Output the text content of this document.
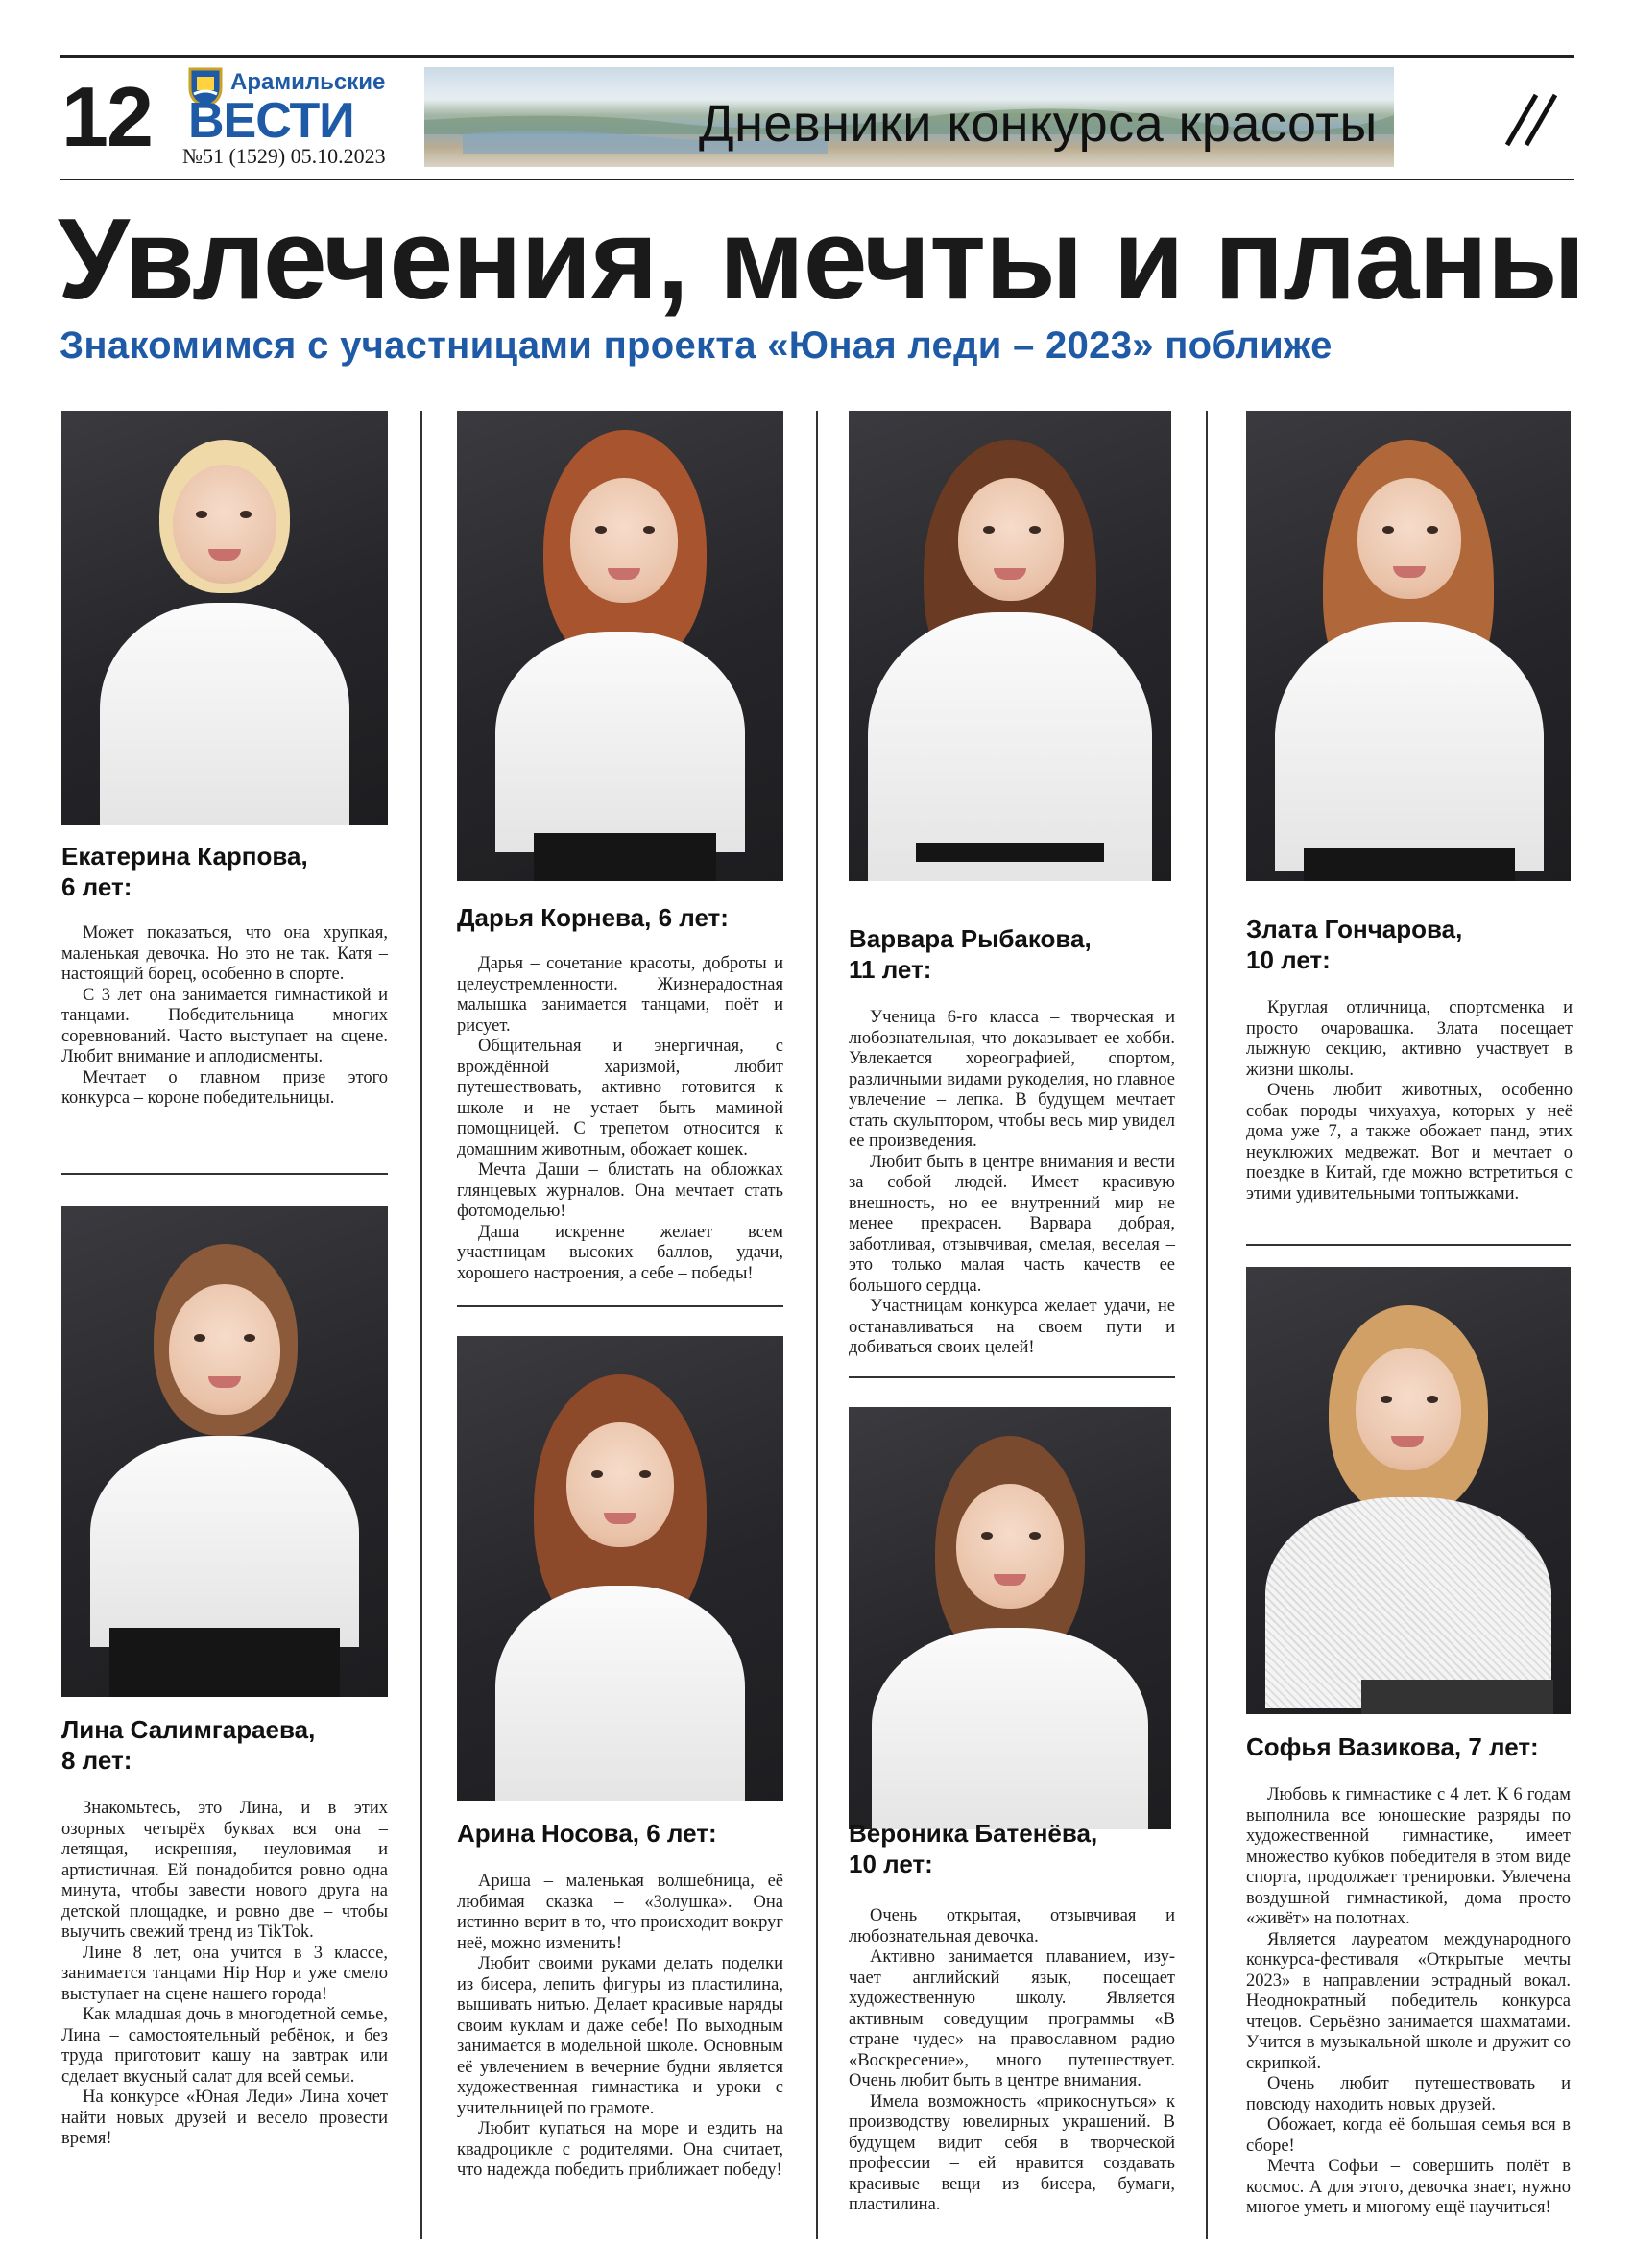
12	Арамильские
ВЕСТИ
№51 (1529) 05.10.2023
Дневники конкурса красоты
Увлечения, мечты и планы
Знакомимся с участницами проекта «Юная леди – 2023» поближе
Екатерина Карпова,
6 лет:

Может показаться, что она хрупкая, маленькая девочка. Но это не так. Катя – настоящий борец, особенно в спорте.

С 3 лет она занимается гимнастикой и танцами. Победительница многих соревнований. Часто выступает на сцене. Любит внимание и аплодисменты.

Мечтает о главном призе этого конкурса – короне победительницы.

Лина Салимгараева,
8 лет:

Знакомьтесь, это Лина, и в этих озорных четырёх буквах вся она – летящая, искренняя, неуловимая и артистичная. Ей понадобится ровно одна минута, чтобы завести нового друга на детской площадке, и ровно две – чтобы выучить свежий тренд из TikTok.

Лине 8 лет, она учится в 3 классе, занимается танцами Hip Hop и уже смело выступает на сцене нашего города!

Как младшая дочь в многодетной семье, Лина – самостоятельный ребёнок, и без труда приготовит кашу на завтрак или сделает вкусный салат для всей семьи.

На конкурсе «Юная Леди» Лина хочет найти новых друзей и весело провести время!

Дарья Корнева, 6 лет:

Дарья – сочетание красоты, доброты и целеустремленности. Жизнерадостная малышка занимается танцами, поёт и рисует.

Общительная и энергичная, с врождённой харизмой, любит путешествовать, активно готовится к школе и не устает быть маминой помощницей. С трепетом относится к домашним животным, обожает кошек.

Мечта Даши – блистать на обложках глянцевых журналов. Она мечтает стать фотомоделью!

Даша искренне желает всем участницам высоких баллов, удачи, хорошего настроения, а себе – победы!

Арина Носова, 6 лет:

Ариша – маленькая волшебница, её любимая сказка – «Золушка». Она истинно верит в то, что происходит вокруг неё, можно изменить!

Любит своими руками делать поделки из бисера, лепить фигуры из пластилина, вышивать нитью. Делает красивые наряды своим куклам и даже себе! По выходным занимается в модельной школе. Основным её увлечением в вечерние будни является художественная гимнастика и уроки с учительницей по грамоте.

Любит купаться на море и ездить на квадроцикле с родителями. Она считает, что надежда победить приближает победу!

Варвара Рыбакова,
11 лет:

Ученица 6-го класса – творческая и любознательная, что доказывает ее хобби. Увлекается хореографией, спортом, различными видами рукоделия, но главное увлечение – лепка. В будущем мечтает стать скульптором, чтобы весь мир увидел ее произведения.

Любит быть в центре внимания и вести за собой людей. Имеет красивую внешность, но ее внутренний мир не менее прекрасен. Варвара добрая, заботливая, отзывчивая, смелая, веселая – это только малая часть качеств ее большого сердца.

Участницам конкурса желает удачи, не останавливаться на своем пути и добиваться своих целей!

Вероника Батенёва,
10 лет:

Очень открытая, отзывчивая и любознательная девочка.

Активно занимается плаванием, изу-чает английский язык, посещает художественную школу. Является активным соведущим программы «В стране чудес» на православном радио «Воскресение», много путешествует. Очень любит быть в центре внимания.

Имела возможность «прикоснуться» к производству ювелирных украшений. В будущем видит себя в творческой профессии – ей нравится создавать красивые вещи из бисера, бумаги, пластилина.

Злата Гончарова,
10 лет:

Круглая отличница, спортсменка и просто очаровашка. Злата посещает лыжную секцию, активно участвует в жизни школы.

Очень любит животных, особенно собак породы чихуахуа, которых у неё дома уже 7, а также обожает панд, этих неуклюжих медвежат. Вот и мечтает о поездке в Китай, где можно встретиться с этими удивительными топтыжками.

Софья Вазикова, 7 лет:

Любовь к гимнастике с 4 лет. К 6 годам выполнила все юношеские разряды по художественной гимнастике, имеет множество кубков победителя в этом виде спорта, продолжает тренировки. Увлечена воздушной гимнастикой, дома просто «живёт» на полотнах.

Является лауреатом международного конкурса-фестиваля «Открытые мечты 2023» в направлении эстрадный вокал. Неоднократный победитель конкурса чтецов. Серьёзно занимается шахматами. Учится в музыкальной школе и дружит со скрипкой.

Очень любит путешествовать и повсюду находить новых друзей.

Обожает, когда её большая семья вся в сборе!

Мечта Софьи – совершить полёт в космос. А для этого, девочка знает, нужно многое уметь и многому ещё научиться!
